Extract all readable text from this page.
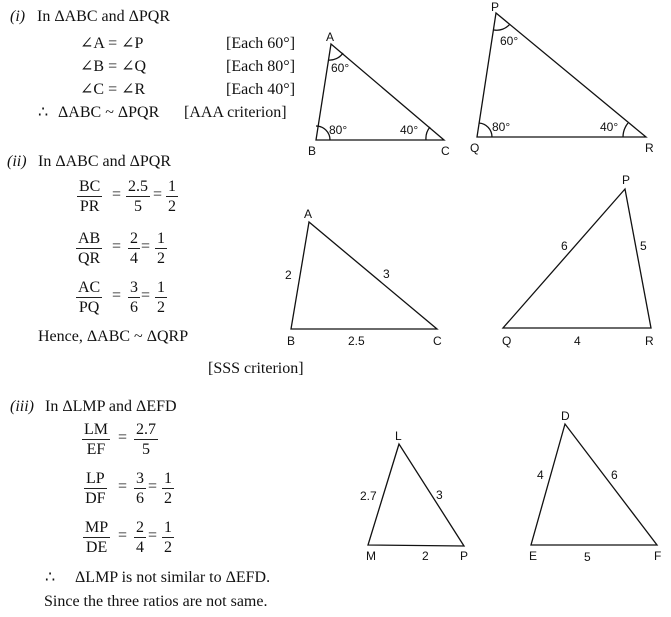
(i) In ΔABC and ΔPQR
∠A = ∠P	[Each 60°]
∠B = ∠Q	[Each 80°]
∠C = ∠R	[Each 40°]
∴ ΔABC ~ ΔPQR [AAA criterion]
(ii) In ΔABC and ΔPQR
$\frac{BC}{PR} = \frac{2.5}{5} = \frac{1}{2}$
$\frac{AB}{QR} = \frac{2}{4} = \frac{1}{2}$
$\frac{AC}{PQ} = \frac{3}{6} = \frac{1}{2}$
Hence, ΔABC ~ ΔQRP
[SSS criterion]
(iii) In ΔLMP and ΔEFD
$\frac{LM}{EF} = \frac{2.7}{5}$
$\frac{LP}{DF} = \frac{3}{6} = \frac{1}{2}$
$\frac{MP}{DE} = \frac{2}{4} = \frac{1}{2}$
∴ ΔLMP is not similar to ΔEFD.
Since the three ratios are not same.
A
B	C
60°
80°	40°
P
Q	R
60°
80°	40°
A
B	C
2	3
2.5
P
Q	R
6	5
4
L
M	P
2.7	3
2
D
E	F
4	6
5
